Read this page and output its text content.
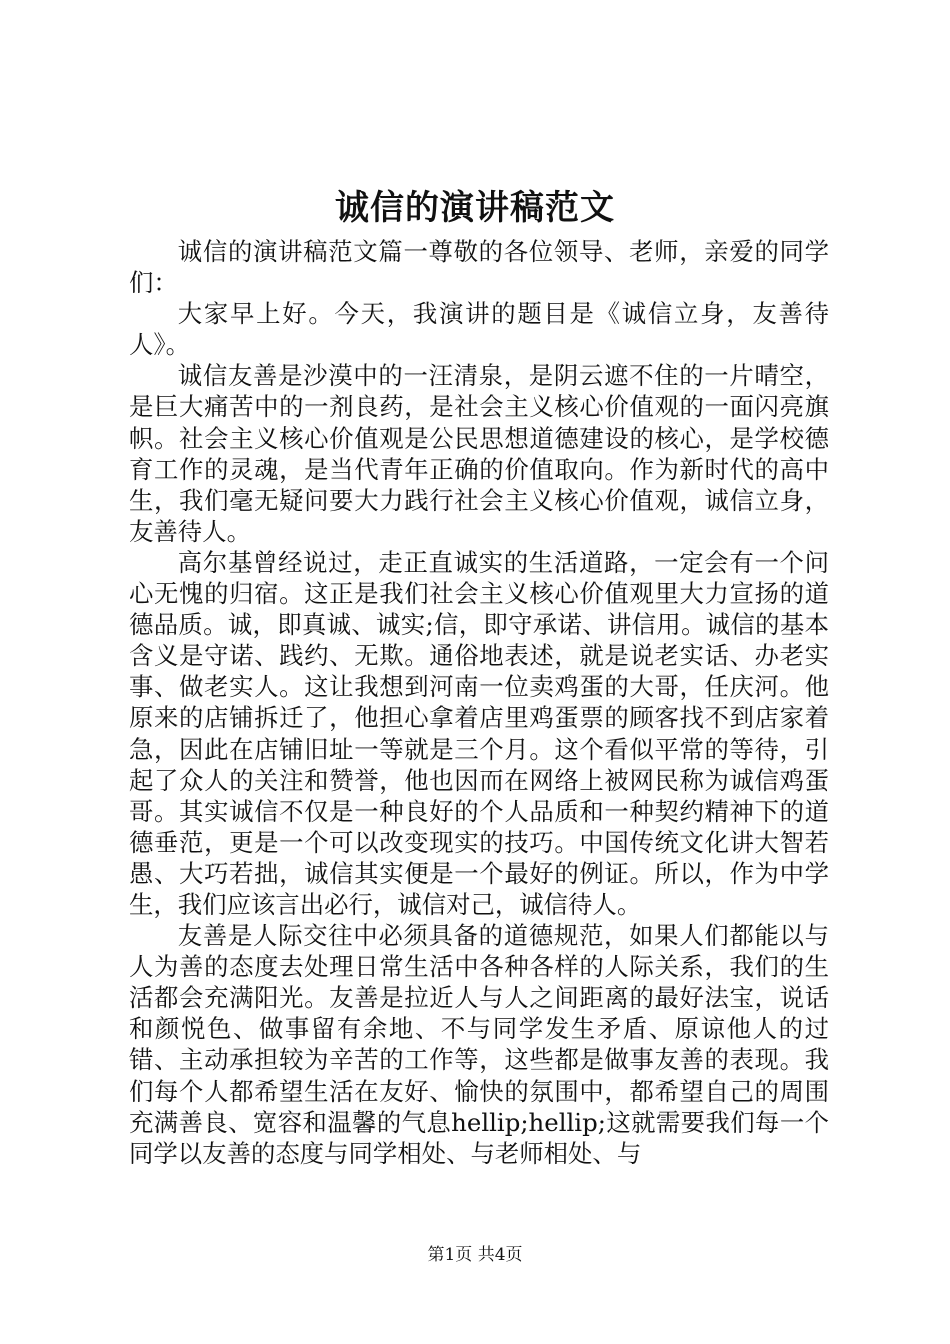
诚信的演讲稿范文

诚信的演讲稿范文篇一尊敬的各位领导、老师，亲爱的同学们：

大家早上好。今天，我演讲的题目是《诚信立身，友善待人》。

诚信友善是沙漠中的一汪清泉，是阴云遮不住的一片晴空，是巨大痛苦中的一剂良药，是社会主义核心价值观的一面闪亮旗帜。社会主义核心价值观是公民思想道德建设的核心，是学校德育工作的灵魂，是当代青年正确的价值取向。作为新时代的高中生，我们毫无疑问要大力践行社会主义核心价值观，诚信立身，友善待人。

高尔基曾经说过，走正直诚实的生活道路，一定会有一个问心无愧的归宿。这正是我们社会主义核心价值观里大力宣扬的道德品质。诚，即真诚、诚实;信，即守承诺、讲信用。诚信的基本含义是守诺、践约、无欺。通俗地表述，就是说老实话、办老实事、做老实人。这让我想到河南一位卖鸡蛋的大哥，任庆河。他原来的店铺拆迁了，他担心拿着店里鸡蛋票的顾客找不到店家着急，因此在店铺旧址一等就是三个月。这个看似平常的等待，引起了众人的关注和赞誉，他也因而在网络上被网民称为诚信鸡蛋哥。其实诚信不仅是一种良好的个人品质和一种契约精神下的道德垂范，更是一个可以改变现实的技巧。中国传统文化讲大智若愚、大巧若拙，诚信其实便是一个最好的例证。所以，作为中学生，我们应该言出必行，诚信对己，诚信待人。

友善是人际交往中必须具备的道德规范，如果人们都能以与人为善的态度去处理日常生活中各种各样的人际关系，我们的生活都会充满阳光。友善是拉近人与人之间距离的最好法宝，说话和颜悦色、做事留有余地、不与同学发生矛盾、原谅他人的过错、主动承担较为辛苦的工作等，这些都是做事友善的表现。我们每个人都希望生活在友好、愉快的氛围中，都希望自己的周围充满善良、宽容和温馨的气息hellip;hellip;这就需要我们每一个同学以友善的态度与同学相处、与老师相处、与

第1页 共4页
